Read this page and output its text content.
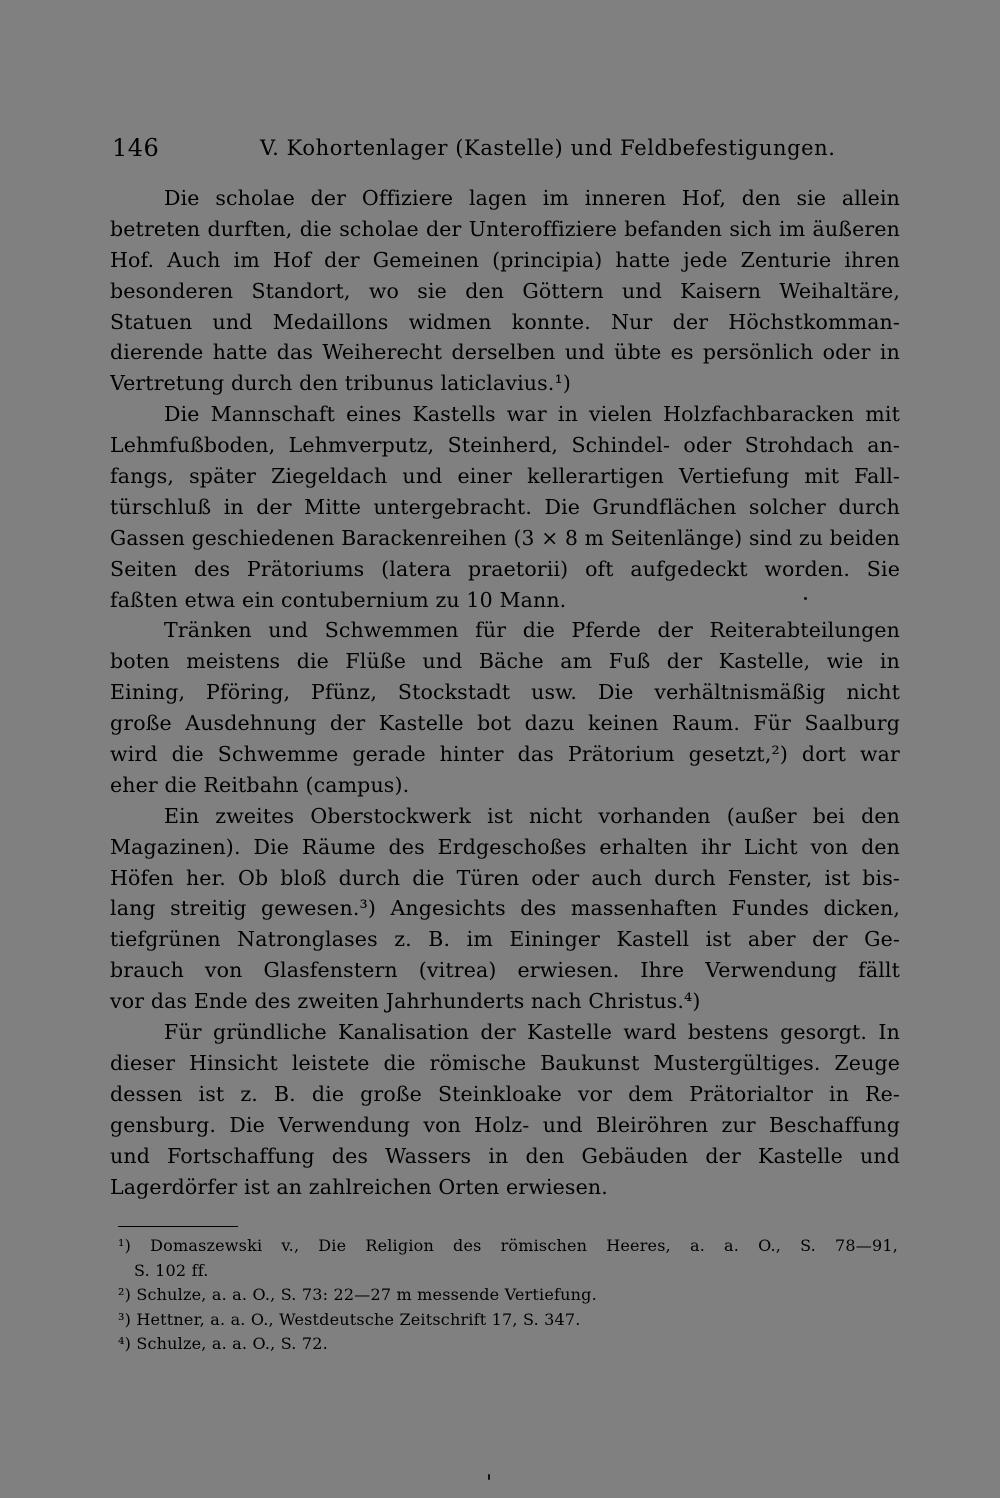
146	V. Kohortenlager (Kastelle) und Feldbefestigungen.
Die scholae der Offiziere lagen im inneren Hof, den sie allein
betreten durften, die scholae der Unteroffiziere befanden sich im äußeren
Hof. Auch im Hof der Gemeinen (principia) hatte jede Zenturie ihren
besonderen Standort, wo sie den Göttern und Kaisern Weihaltäre,
Statuen und Medaillons widmen konnte. Nur der Höchstkomman-
dierende hatte das Weiherecht derselben und übte es persönlich oder in
Vertretung durch den tribunus laticlavius.¹)
Die Mannschaft eines Kastells war in vielen Holzfachbaracken mit
Lehmfußboden, Lehmverputz, Steinherd, Schindel- oder Strohdach an-
fangs, später Ziegeldach und einer kellerartigen Vertiefung mit Fall-
türschluß in der Mitte untergebracht. Die Grundflächen solcher durch
Gassen geschiedenen Barackenreihen (3 × 8 m Seitenlänge) sind zu beiden
Seiten des Prätoriums (latera praetorii) oft aufgedeckt worden. Sie
faßten etwa ein contubernium zu 10 Mann.
Tränken und Schwemmen für die Pferde der Reiterabteilungen
boten meistens die Flüße und Bäche am Fuß der Kastelle, wie in
Eining, Pföring, Pfünz, Stockstadt usw. Die verhältnismäßig nicht
große Ausdehnung der Kastelle bot dazu keinen Raum. Für Saalburg
wird die Schwemme gerade hinter das Prätorium gesetzt,²) dort war
eher die Reitbahn (campus).
Ein zweites Oberstockwerk ist nicht vorhanden (außer bei den
Magazinen). Die Räume des Erdgeschoßes erhalten ihr Licht von den
Höfen her. Ob bloß durch die Türen oder auch durch Fenster, ist bis-
lang streitig gewesen.³) Angesichts des massenhaften Fundes dicken,
tiefgrünen Natronglases z. B. im Eininger Kastell ist aber der Ge-
brauch von Glasfenstern (vitrea) erwiesen. Ihre Verwendung fällt
vor das Ende des zweiten Jahrhunderts nach Christus.⁴)
Für gründliche Kanalisation der Kastelle ward bestens gesorgt. In
dieser Hinsicht leistete die römische Baukunst Mustergültiges. Zeuge
dessen ist z. B. die große Steinkloake vor dem Prätorialtor in Re-
gensburg. Die Verwendung von Holz- und Bleiröhren zur Beschaffung
und Fortschaffung des Wassers in den Gebäuden der Kastelle und
Lagerdörfer ist an zahlreichen Orten erwiesen.
¹) Domaszewski v., Die Religion des römischen Heeres, a. a. O., S. 78—91,
S. 102 ff.
²) Schulze, a. a. O., S. 73: 22—27 m messende Vertiefung.
³) Hettner, a. a. O., Westdeutsche Zeitschrift 17, S. 347.
⁴) Schulze, a. a. O., S. 72.
